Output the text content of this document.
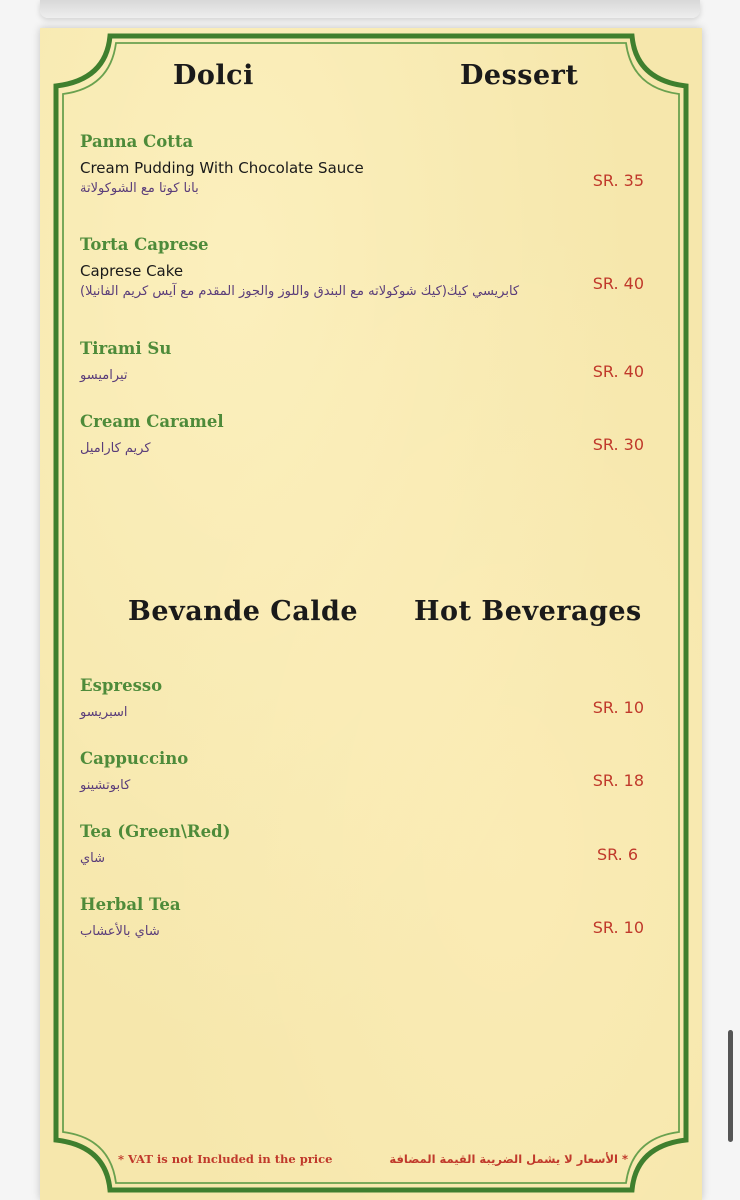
Dolci	Dessert
Panna Cotta
Cream Pudding With Chocolate Sauce
بانا كوتا مع الشوكولاتة	SR. 35
Torta Caprese
Caprese Cake
كابريسي كيك(كيك شوكولاته مع البندق واللوز والجوز المقدم مع آيس كريم الفانيلا)	SR. 40
Tirami Su
تيراميسو	SR. 40
Cream Caramel
كريم كاراميل	SR. 30
Bevande Calde Hot Beverages
Espresso
اسبريسو	SR. 10
Cappuccino
كابوتشينو	SR. 18
Tea (Green\Red)
شاي	SR. 6
Herbal Tea
شاي بالأعشاب	SR. 10
* VAT is not Included in the price	* الأسعار لا يشمل الضريبة القيمة المضافة
